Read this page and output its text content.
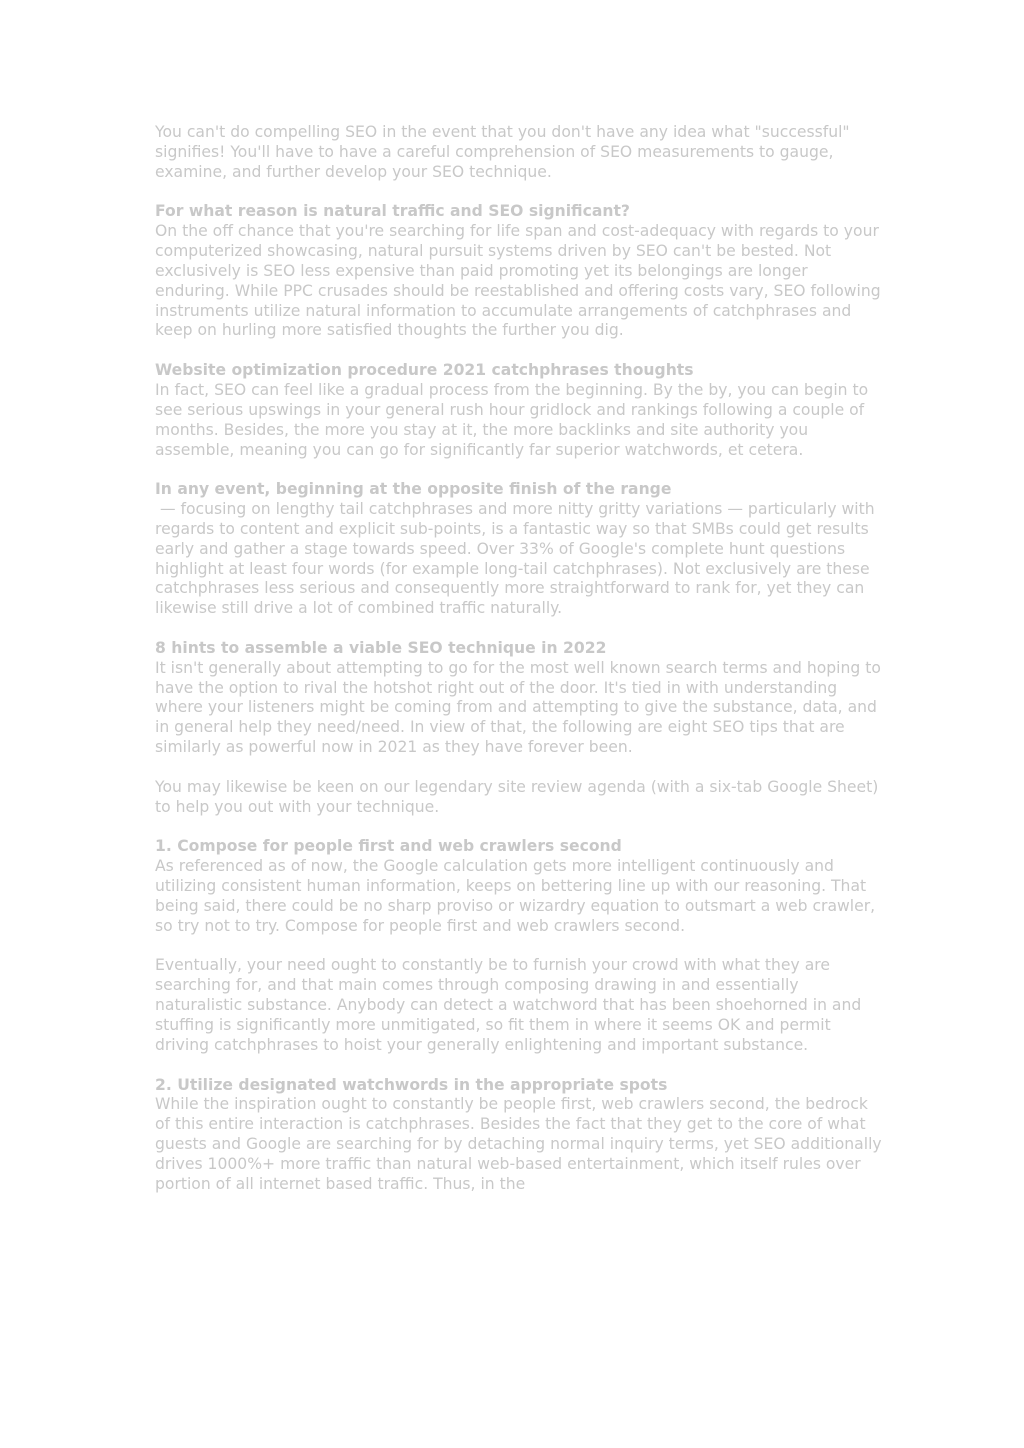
You can't do compelling SEO in the event that you don't have any idea what "successful" signifies! You'll have to have a careful comprehension of SEO measurements to gauge, examine, and further develop your SEO technique.

For what reason is natural traffic and SEO significant?

On the off chance that you're searching for life span and cost-adequacy with regards to your computerized showcasing, natural pursuit systems driven by SEO can't be bested. Not exclusively is SEO less expensive than paid promoting yet its belongings are longer enduring. While PPC crusades should be reestablished and offering costs vary, SEO following instruments utilize natural information to accumulate arrangements of catchphrases and keep on hurling more satisfied thoughts the further you dig.

Website optimization procedure 2021 catchphrases thoughts

In fact, SEO can feel like a gradual process from the beginning. By the by, you can begin to see serious upswings in your general rush hour gridlock and rankings following a couple of months. Besides, the more you stay at it, the more backlinks and site authority you assemble, meaning you can go for significantly far superior watchwords, et cetera.

In any event, beginning at the opposite finish of the range

— focusing on lengthy tail catchphrases and more nitty gritty variations — particularly with regards to content and explicit sub-points, is a fantastic way so that SMBs could get results early and gather a stage towards speed. Over 33% of Google's complete hunt questions highlight at least four words (for example long-tail catchphrases). Not exclusively are these catchphrases less serious and consequently more straightforward to rank for, yet they can likewise still drive a lot of combined traffic naturally.

8 hints to assemble a viable SEO technique in 2022

It isn't generally about attempting to go for the most well known search terms and hoping to have the option to rival the hotshot right out of the door. It's tied in with understanding where your listeners might be coming from and attempting to give the substance, data, and in general help they need/need. In view of that, the following are eight SEO tips that are similarly as powerful now in 2021 as they have forever been.

You may likewise be keen on our legendary site review agenda (with a six-tab Google Sheet) to help you out with your technique.

1. Compose for people first and web crawlers second

As referenced as of now, the Google calculation gets more intelligent continuously and utilizing consistent human information, keeps on bettering line up with our reasoning. That being said, there could be no sharp proviso or wizardry equation to outsmart a web crawler, so try not to try. Compose for people first and web crawlers second.

Eventually, your need ought to constantly be to furnish your crowd with what they are searching for, and that main comes through composing drawing in and essentially naturalistic substance. Anybody can detect a watchword that has been shoehorned in and stuffing is significantly more unmitigated, so fit them in where it seems OK and permit driving catchphrases to hoist your generally enlightening and important substance.

2. Utilize designated watchwords in the appropriate spots

While the inspiration ought to constantly be people first, web crawlers second, the bedrock of this entire interaction is catchphrases. Besides the fact that they get to the core of what guests and Google are searching for by detaching normal inquiry terms, yet SEO additionally drives 1000%+ more traffic than natural web-based entertainment, which itself rules over portion of all internet based traffic. Thus, in the
